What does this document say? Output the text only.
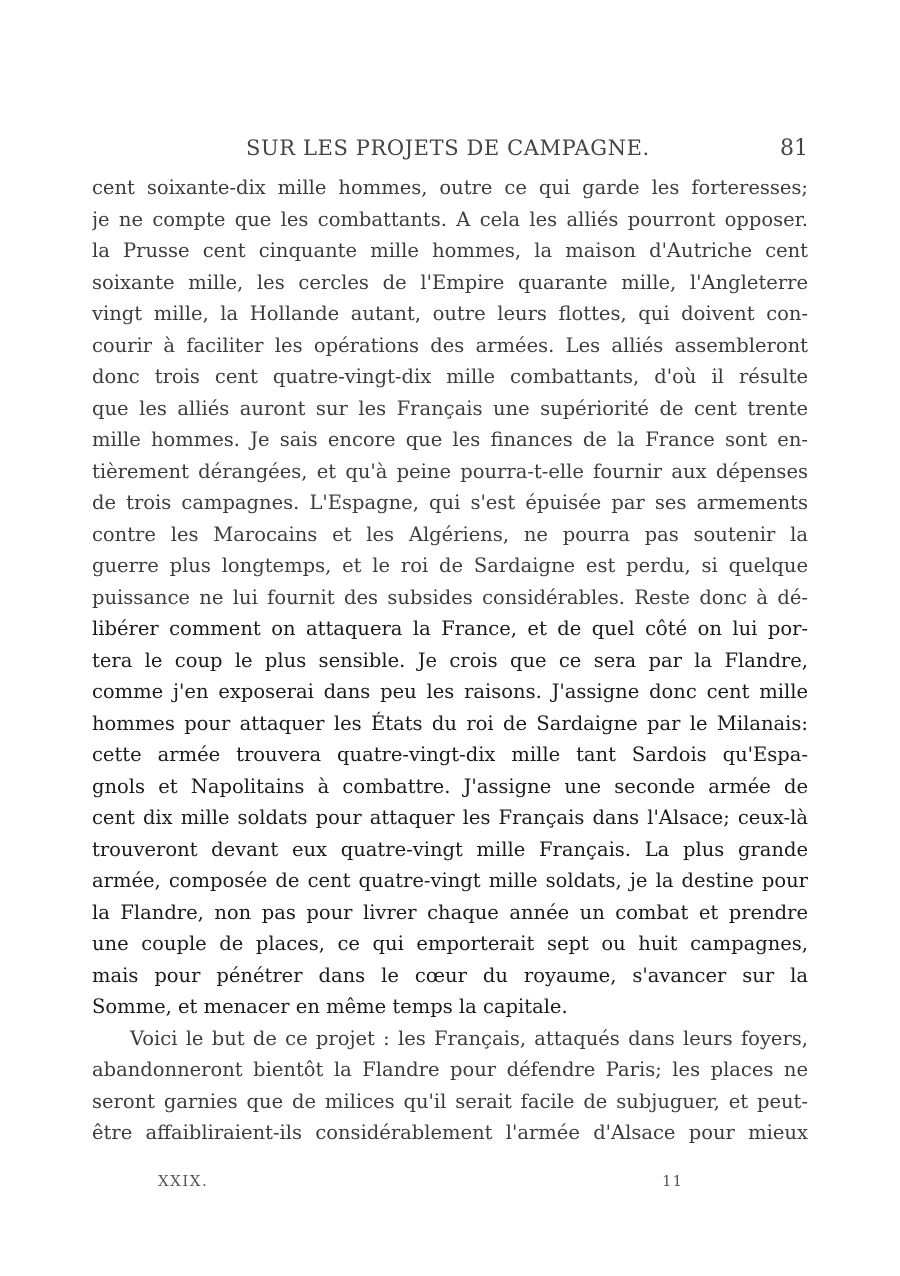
SUR LES PROJETS DE CAMPAGNE.	81
cent soixante-dix mille hommes, outre ce qui garde les forteresses;
je ne compte que les combattants. A cela les alliés pourront opposer.
la Prusse cent cinquante mille hommes, la maison d'Autriche cent
soixante mille, les cercles de l'Empire quarante mille, l'Angleterre
vingt mille, la Hollande autant, outre leurs flottes, qui doivent con-
courir à faciliter les opérations des armées. Les alliés assembleront
donc trois cent quatre-vingt-dix mille combattants, d'où il résulte
que les alliés auront sur les Français une supériorité de cent trente
mille hommes. Je sais encore que les finances de la France sont en-
tièrement dérangées, et qu'à peine pourra-t-elle fournir aux dépenses
de trois campagnes. L'Espagne, qui s'est épuisée par ses armements
contre les Marocains et les Algériens, ne pourra pas soutenir la
guerre plus longtemps, et le roi de Sardaigne est perdu, si quelque
puissance ne lui fournit des subsides considérables. Reste donc à dé-
libérer comment on attaquera la France, et de quel côté on lui por-
tera le coup le plus sensible. Je crois que ce sera par la Flandre,
comme j'en exposerai dans peu les raisons. J'assigne donc cent mille
hommes pour attaquer les États du roi de Sardaigne par le Milanais:
cette armée trouvera quatre-vingt-dix mille tant Sardois qu'Espa-
gnols et Napolitains à combattre. J'assigne une seconde armée de
cent dix mille soldats pour attaquer les Français dans l'Alsace; ceux-là
trouveront devant eux quatre-vingt mille Français. La plus grande
armée, composée de cent quatre-vingt mille soldats, je la destine pour
la Flandre, non pas pour livrer chaque année un combat et prendre
une couple de places, ce qui emporterait sept ou huit campagnes,
mais pour pénétrer dans le cœur du royaume, s'avancer sur la
Somme, et menacer en même temps la capitale.
Voici le but de ce projet : les Français, attaqués dans leurs foyers,
abandonneront bientôt la Flandre pour défendre Paris; les places ne
seront garnies que de milices qu'il serait facile de subjuguer, et peut-
être affaibliraient-ils considérablement l'armée d'Alsace pour mieux
XXIX.	11
